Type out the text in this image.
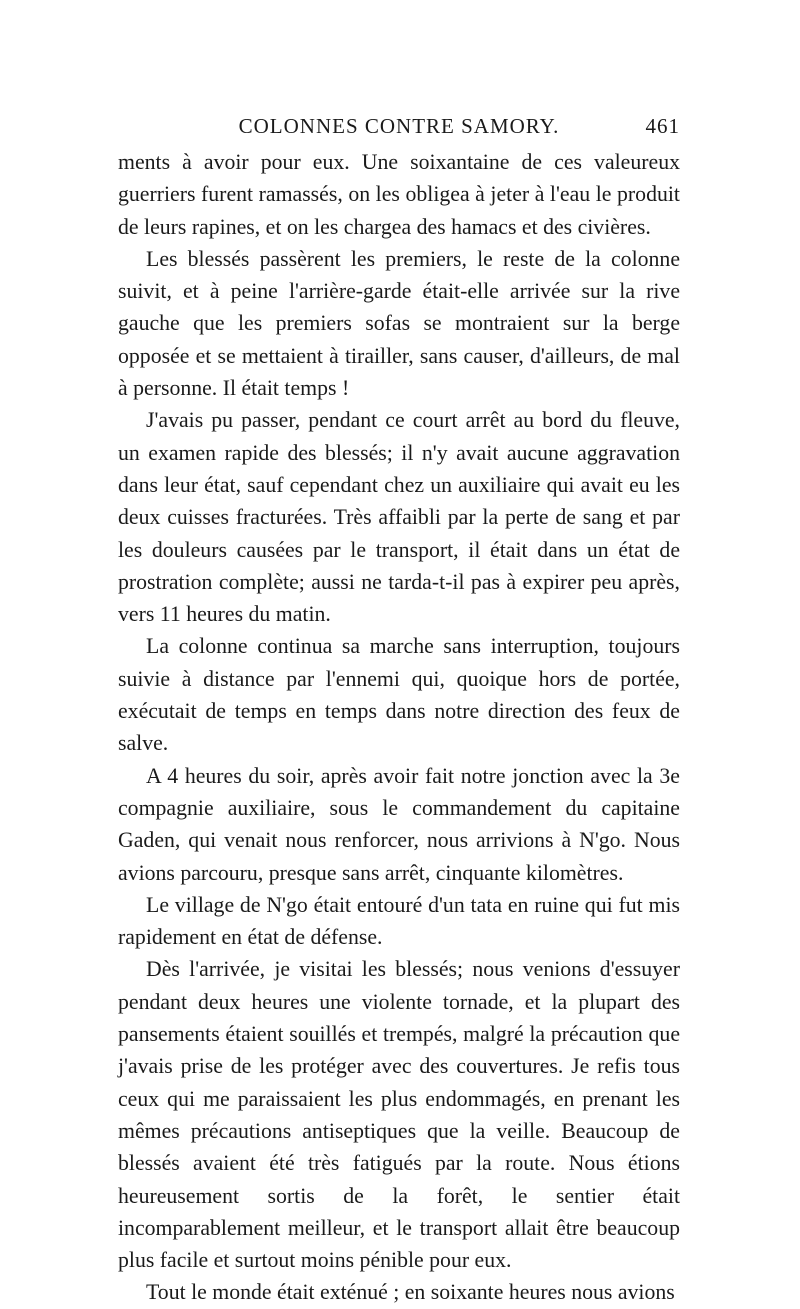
COLONNES CONTRE SAMORY.	461

ments à avoir pour eux. Une soixantaine de ces valeureux guerriers furent ramassés, on les obligea à jeter à l'eau le produit de leurs rapines, et on les chargea des hamacs et des civières.

Les blessés passèrent les premiers, le reste de la colonne suivit, et à peine l'arrière-garde était-elle arrivée sur la rive gauche que les premiers sofas se montraient sur la berge opposée et se mettaient à tirailler, sans causer, d'ailleurs, de mal à personne. Il était temps !

J'avais pu passer, pendant ce court arrêt au bord du fleuve, un examen rapide des blessés; il n'y avait aucune aggravation dans leur état, sauf cependant chez un auxiliaire qui avait eu les deux cuisses fracturées. Très affaibli par la perte de sang et par les douleurs causées par le transport, il était dans un état de prostration complète; aussi ne tarda-t-il pas à expirer peu après, vers 11 heures du matin.

La colonne continua sa marche sans interruption, toujours suivie à distance par l'ennemi qui, quoique hors de portée, exécutait de temps en temps dans notre direction des feux de salve.

A 4 heures du soir, après avoir fait notre jonction avec la 3e compagnie auxiliaire, sous le commandement du capitaine Gaden, qui venait nous renforcer, nous arrivions à N'go. Nous avions parcouru, presque sans arrêt, cinquante kilomètres.

Le village de N'go était entouré d'un tata en ruine qui fut mis rapidement en état de défense.

Dès l'arrivée, je visitai les blessés; nous venions d'essuyer pendant deux heures une violente tornade, et la plupart des pansements étaient souillés et trempés, malgré la précaution que j'avais prise de les protéger avec des couvertures. Je refis tous ceux qui me paraissaient les plus endommagés, en prenant les mêmes précautions antiseptiques que la veille. Beaucoup de blessés avaient été très fatigués par la route. Nous étions heureusement sortis de la forêt, le sentier était incomparablement meilleur, et le transport allait être beaucoup plus facile et surtout moins pénible pour eux.

Tout le monde était exténué ; en soixante heures nous avions
